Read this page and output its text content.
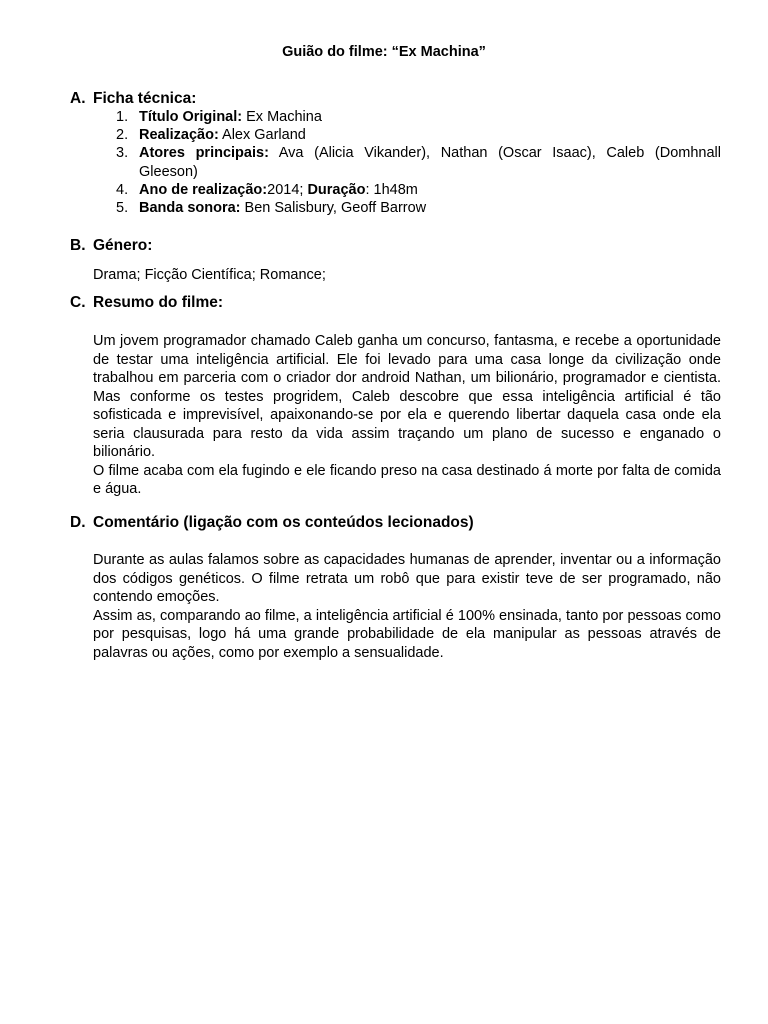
Guião do filme: “Ex Machina”
A. Ficha técnica:
1. Título Original: Ex Machina
2. Realização: Alex Garland
3. Atores principais: Ava (Alicia Vikander), Nathan (Oscar Isaac), Caleb (Domhnall Gleeson)
4. Ano de realização:2014; Duração: 1h48m
5. Banda sonora: Ben Salisbury, Geoff Barrow
B. Género:

Drama; Ficção Científica; Romance;

C. Resumo do filme:

Um jovem programador chamado Caleb ganha um concurso, fantasma, e recebe a oportunidade de testar uma inteligência artificial. Ele foi levado para uma casa longe da civilização onde trabalhou em parceria com o criador dor android Nathan, um bilionário, programador e cientista. Mas conforme os testes progridem, Caleb descobre que essa inteligência artificial é tão sofisticada e imprevisível, apaixonando-se por ela e querendo libertar daquela casa onde ela seria clausurada para resto da vida assim traçando um plano de sucesso e enganado o bilionário.

O filme acaba com ela fugindo e ele ficando preso na casa destinado á morte por falta de comida e água.

D. Comentário (ligação com os conteúdos lecionados)

Durante as aulas falamos sobre as capacidades humanas de aprender, inventar ou a informação dos códigos genéticos. O filme retrata um robô que para existir teve de ser programado, não contendo emoções.

Assim as, comparando ao filme, a inteligência artificial é 100% ensinada, tanto por pessoas como por pesquisas, logo há uma grande probabilidade de ela manipular as pessoas através de palavras ou ações, como por exemplo a sensualidade.
